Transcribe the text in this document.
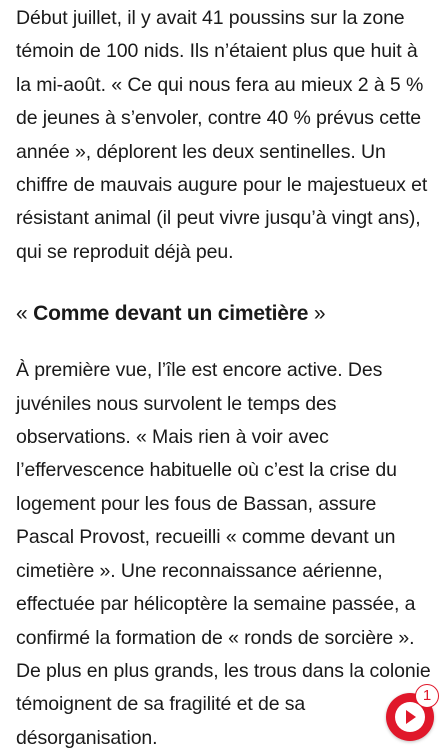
Début juillet, il y avait 41 poussins sur la zone témoin de 100 nids. Ils n’étaient plus que huit à la mi-août. « Ce qui nous fera au mieux 2 à 5 % de jeunes à s’envoler, contre 40 % prévus cette année », déplorent les deux sentinelles. Un chiffre de mauvais augure pour le majestueux et résistant animal (il peut vivre jusqu’à vingt ans), qui se reproduit déjà peu.

« Comme devant un cimetière »

À première vue, l’île est encore active. Des juvéniles nous survolent le temps des observations. « Mais rien à voir avec l’effervescence habituelle où c’est la crise du logement pour les fous de Bassan, assure Pascal Provost, recueilli « comme devant un cimetière ». Une reconnaissance aérienne, effectuée par hélicoptère la semaine passée, a confirmé la formation de « ronds de sorcière ». De plus en plus grands, les trous dans la colonie témoignent de sa fragilité et de sa désorganisation.

1
